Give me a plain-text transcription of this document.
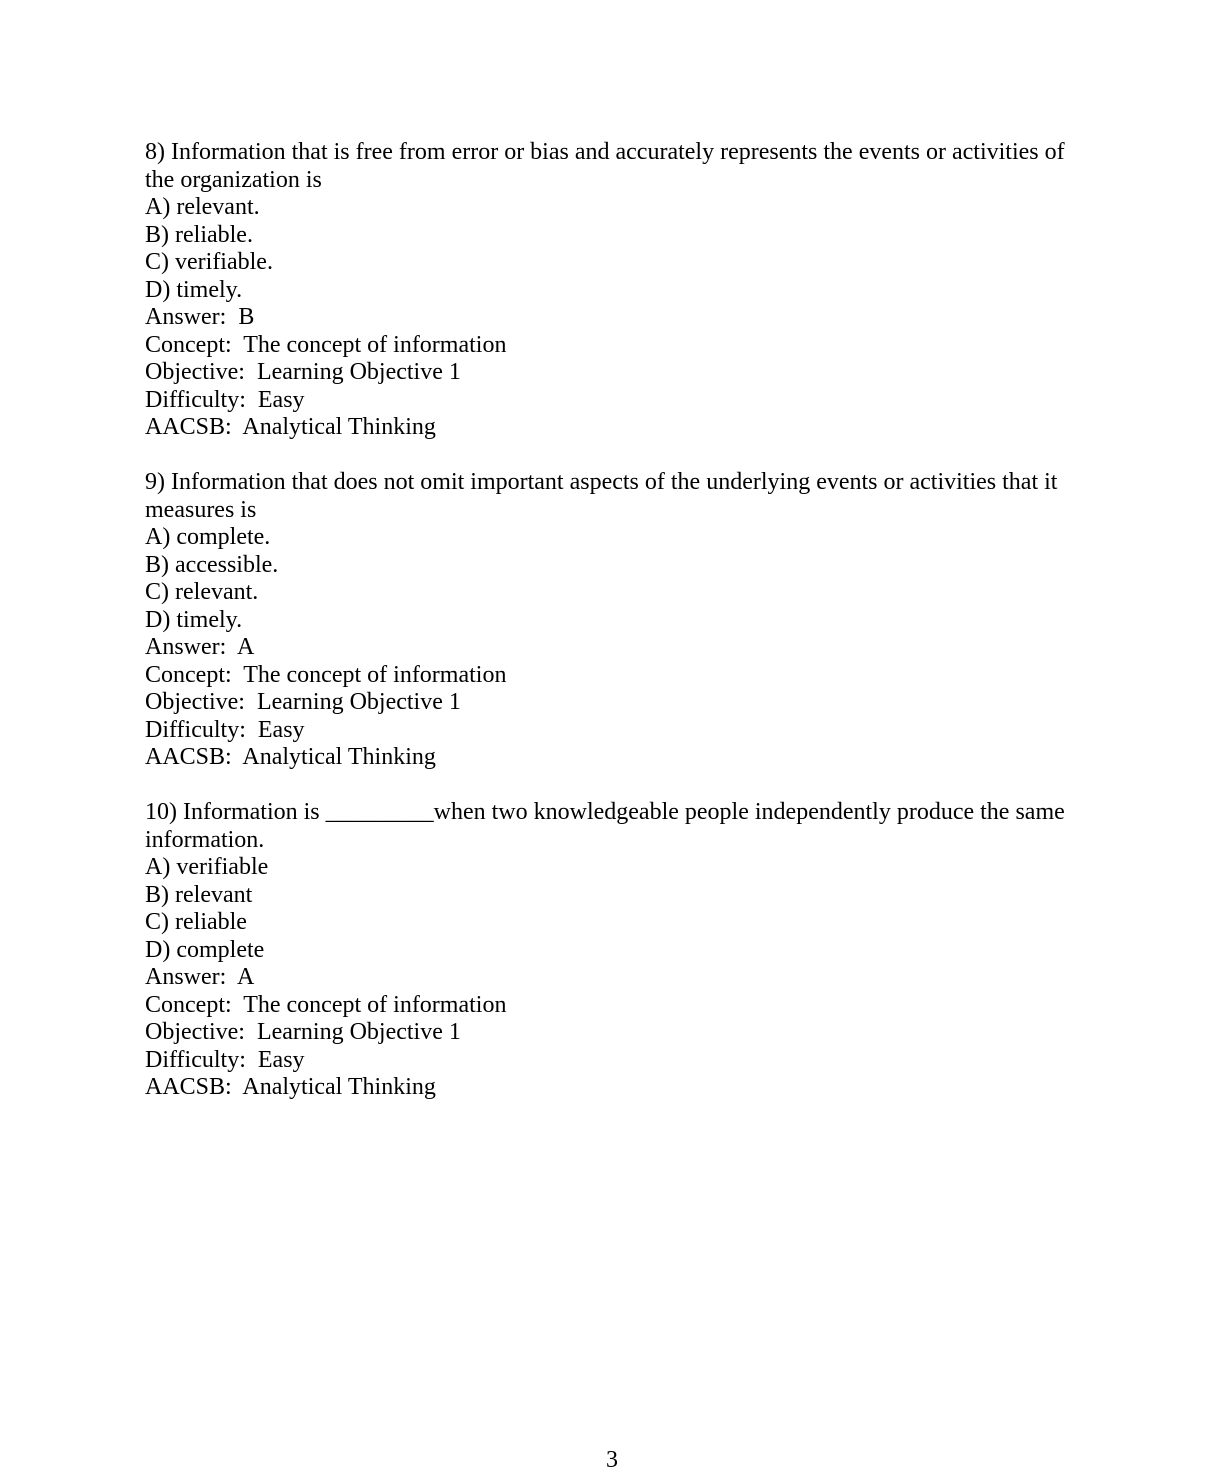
8) Information that is free from error or bias and accurately represents the events or activities of the organization is

A) relevant.

B) reliable.

C) verifiable.

D) timely.

Answer:  B

Concept:  The concept of information

Objective:  Learning Objective 1

Difficulty:  Easy

AACSB:  Analytical Thinking

9) Information that does not omit important aspects of the underlying events or activities that it measures is

A) complete.

B) accessible.

C) relevant.

D) timely.

Answer:  A

Concept:  The concept of information

Objective:  Learning Objective 1

Difficulty:  Easy

AACSB:  Analytical Thinking

10) Information is _________when two knowledgeable people independently produce the same information.

A) verifiable

B) relevant

C) reliable

D) complete

Answer:  A

Concept:  The concept of information

Objective:  Learning Objective 1

Difficulty:  Easy

AACSB:  Analytical Thinking

3
